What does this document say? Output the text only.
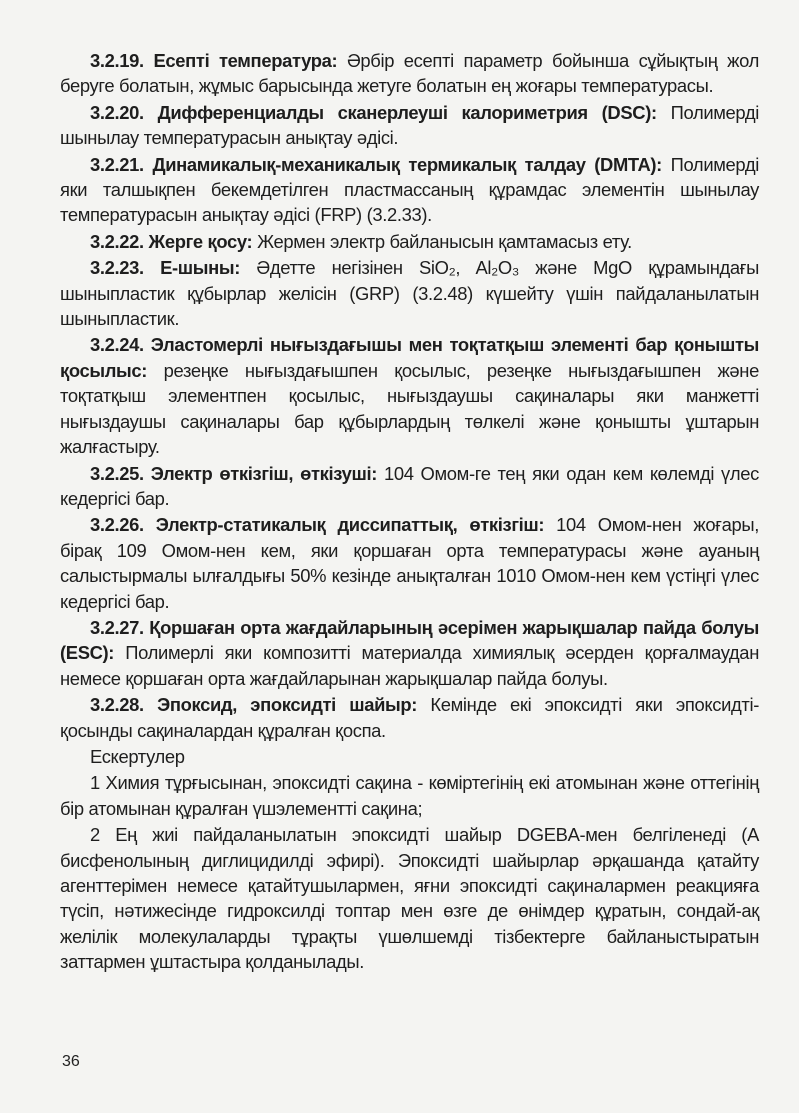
3.2.19. Есепті температура: Әрбір есепті параметр бойынша сұйықтың жол беруге болатын, жұмыс барысында жетуге болатын ең жоғары температурасы.

3.2.20. Дифференциалды сканерлеуші калориметрия (DSC): Полимерді шынылау температурасын анықтау әдісі.

3.2.21. Динамикалық-механикалық термикалық талдау (DMTA): Полимерді яки талшықпен бекемдетілген пластмассаның құрамдас элементін шынылау температурасын анықтау әдісі (FRP) (3.2.33).

3.2.22. Жерге қосу: Жермен электр байланысын қамтамасыз ету.

3.2.23. Е-шыны: Әдетте негізінен SiO₂, Al₂O₃ және MgO құрамындағы шыныпластик құбырлар желісін (GRP) (3.2.48) күшейту үшін пайдаланылатын шыныпластик.

3.2.24. Эластомерлі нығыздағышы мен тоқтатқыш элементі бар қонышты қосылыс: резеңке нығыздағышпен қосылыс, резеңке нығыздағышпен және тоқтатқыш элементпен қосылыс, нығыздаушы сақиналары яки манжетті нығыздаушы сақиналары бар құбырлардың төлкелі және қонышты ұштарын жалғастыру.

3.2.25. Электр өткізгіш, өткізуші: 104 Омом-ге тең яки одан кем көлемді үлес кедергісі бар.

3.2.26. Электр-статикалық диссипаттық, өткізгіш: 104 Омом-нен жоғары, бірақ 109 Омом-нен кем, яки қоршаған орта температурасы және ауаның салыстырмалы ылғалдығы 50% кезінде анықталған 1010 Омом-нен кем үстіңгі үлес кедергісі бар.

3.2.27. Қоршаған орта жағдайларының әсерімен жарықшалар пайда болуы (ESC): Полимерлі яки композитті материалда химиялық әсерден қорғалмаудан немесе қоршаған орта жағдайларынан жарықшалар пайда болуы.

3.2.28. Эпоксид, эпоксидті шайыр: Кемінде екі эпоксидті яки эпоксидті-қосынды сақиналардан құралған қоспа.

Ескертулер

1 Химия тұрғысынан, эпоксидті сақина - көміртегінің екі атомынан және оттегінің бір атомынан құралған үшэлементті сақина;

2 Ең жиі пайдаланылатын эпоксидті шайыр DGEBA-мен белгіленеді (А бисфенолының диглицидилді эфирі). Эпоксидті шайырлар әрқашанда қатайту агенттерімен немесе қатайтушылармен, яғни эпоксидті сақиналармен реакцияға түсіп, нәтижесінде гидроксилді топтар мен өзге де өнімдер құратын, сондай-ақ желілік молекулаларды тұрақты үшөлшемді тізбектерге байланыстыратын заттармен ұштастыра қолданылады.

36
